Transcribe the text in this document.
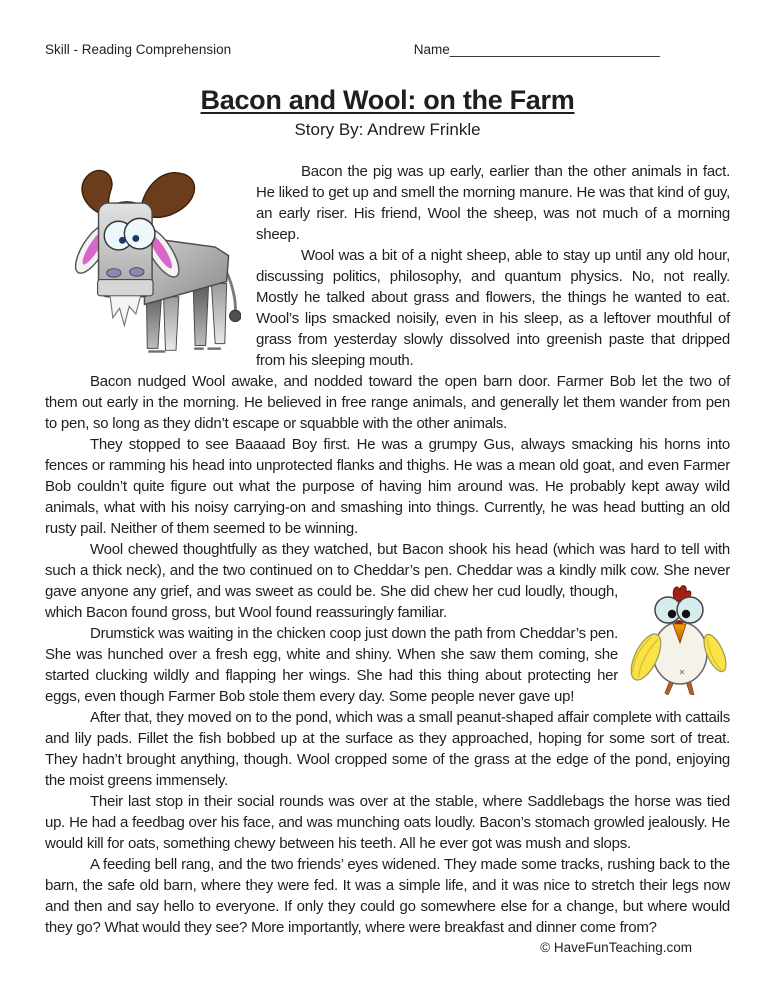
Skill - Reading Comprehension	Name____________________________
Bacon and Wool: on the Farm
Story By: Andrew Frinkle

Bacon the pig was up early, earlier than the other animals in fact. He liked to get up and smell the morning manure. He was that kind of guy, an early riser. His friend, Wool the sheep, was not much of a morning sheep.

Wool was a bit of a night sheep, able to stay up until any old hour, discussing politics, philosophy, and quantum physics. No, not really. Mostly he talked about grass and flowers, the things he wanted to eat. Wool’s lips smacked noisily, even in his sleep, as a leftover mouthful of grass from yesterday slowly dissolved into greenish paste that dripped from his sleeping mouth.

Bacon nudged Wool awake, and nodded toward the open barn door. Farmer Bob let the two of them out early in the morning. He believed in free range animals, and generally let them wander from pen to pen, so long as they didn’t escape or squabble with the other animals.

They stopped to see Baaaad Boy first. He was a grumpy Gus, always smacking his horns into fences or ramming his head into unprotected flanks and thighs. He was a mean old goat, and even Farmer Bob couldn’t quite figure out what the purpose of having him around was. He probably kept away wild animals, what with his noisy carrying-on and smashing into things. Currently, he was head butting an old rusty pail. Neither of them seemed to be winning.

Wool chewed thoughtfully as they watched, but Bacon shook his head (which was hard to tell with such a thick neck), and the two continued on to Cheddar’s pen. Cheddar was a kindly milk cow. She never gave
anyone any grief, and was sweet as could be. She did chew her cud loudly, though, which Bacon found gross, but Wool found reassuringly familiar.

Drumstick was waiting in the chicken coop just down the path from Cheddar’s pen. She was hunched over a fresh egg, white and shiny. When she saw them coming, she started clucking wildly and flapping her wings. She had this thing about protecting her eggs, even though Farmer Bob stole them every day. Some people never gave up!

After that, they moved on to the pond, which was a small peanut-shaped affair complete with cattails and lily pads. Fillet the fish bobbed up at the surface as they approached, hoping for some sort of treat. They hadn’t brought anything, though. Wool cropped some of the grass at the edge of the pond, enjoying the moist greens immensely.

Their last stop in their social rounds was over at the stable, where Saddlebags the horse was tied up. He had a feedbag over his face, and was munching oats loudly. Bacon’s stomach growled jealously. He would kill for oats, something chewy between his teeth. All he ever got was mush and slops.

A feeding bell rang, and the two friends’ eyes widened. They made some tracks, rushing back to the barn, the safe old barn, where they were fed. It was a simple life, and it was nice to stretch their legs now and then and say hello to everyone. If only they could go somewhere else for a change, but where would they go? What would they see? More importantly, where were breakfast and dinner come from?

© HaveFunTeaching.com
